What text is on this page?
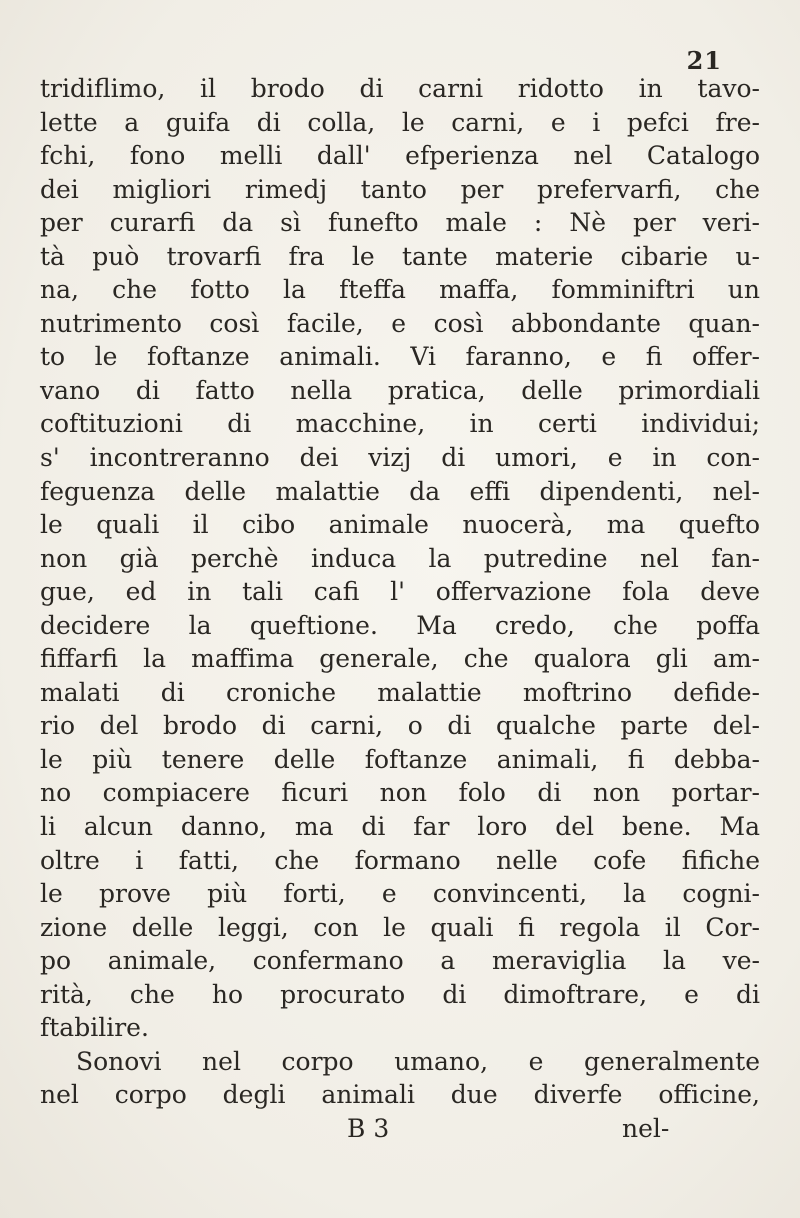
21
tridiflimo, il brodo di carni ridotto in tavo-
lette a guifa di colla, le carni, e i pefci fre-
fchi, fono melli dall' efperienza nel Catalogo
dei migliori rimedj tanto per prefervarfi, che
per curarfi da sì funefto male : Nè per veri-
tà può trovarfi fra le tante materie cibarie u-
na, che fotto la fteffa maffa, fomminiftri un
nutrimento così facile, e così abbondante quan-
to le foftanze animali. Vi faranno, e fi offer-
vano di fatto nella pratica, delle primordiali
coftituzioni di macchine, in certi individui;
s' incontreranno dei vizj di umori, e in con-
feguenza delle malattie da effi dipendenti, nel-
le quali il cibo animale nuocerà, ma quefto
non già perchè induca la putredine nel fan-
gue, ed in tali cafi l' offervazione fola deve
decidere la queftione. Ma credo, che poffa
fiffarfi la maffima generale, che qualora gli am-
malati di croniche malattie moftrino defide-
rio del brodo di carni, o di qualche parte del-
le più tenere delle foftanze animali, fi debba-
no compiacere ficuri non folo di non portar-
li alcun danno, ma di far loro del bene. Ma
oltre i fatti, che formano nelle cofe fifiche
le prove più forti, e convincenti, la cogni-
zione delle leggi, con le quali fi regola il Cor-
po animale, confermano a meraviglia la ve-
rità, che ho procurato di dimoftrare, e di
ftabilire.
Sonovi nel corpo umano, e generalmente
nel corpo degli animali due diverfe officine,
B 3	nel-
